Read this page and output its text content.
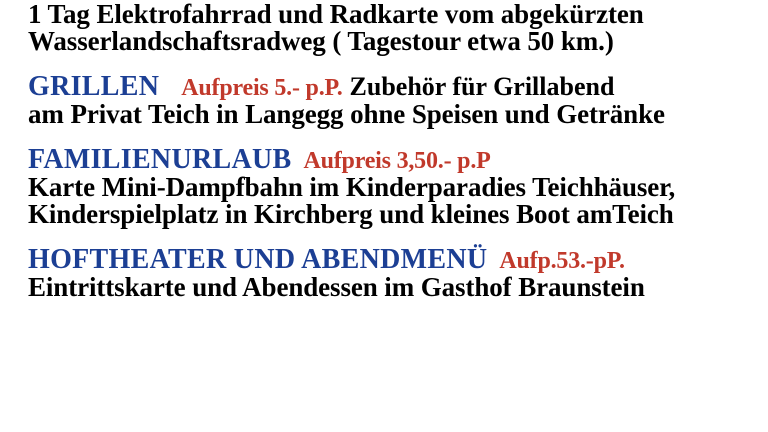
1 Tag Elektrofahrrad und Radkarte vom abgekürzten
Wasserlandschaftsradweg ( Tagestour etwa 50 km.)
GRILLEN Aufpreis 5.- p.P. Zubehör für Grillabend
am Privat Teich in Langegg ohne Speisen und Getränke
FAMILIENURLAUB Aufpreis 3,50.- p.P
Karte Mini-Dampfbahn im Kinderparadies Teichhäuser,
Kinderspielplatz in Kirchberg und kleines Boot amTeich
HOFTHEATER UND ABENDMENÜ Aufp.53.-pP.
Eintrittskarte und Abendessen im Gasthof Braunstein
